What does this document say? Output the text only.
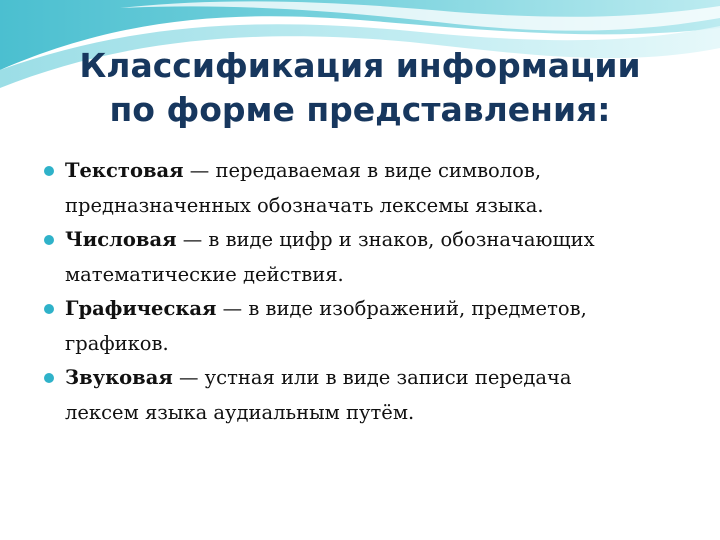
Классификация информации
по форме представления:
Текстовая — передаваемая в виде символов,
предназначенных обозначать лексемы языка.
Числовая — в виде цифр и знаков, обозначающих
математические действия.
Графическая — в виде изображений, предметов,
графиков.
Звуковая — устная или в виде записи передача
лексем языка аудиальным путём.
